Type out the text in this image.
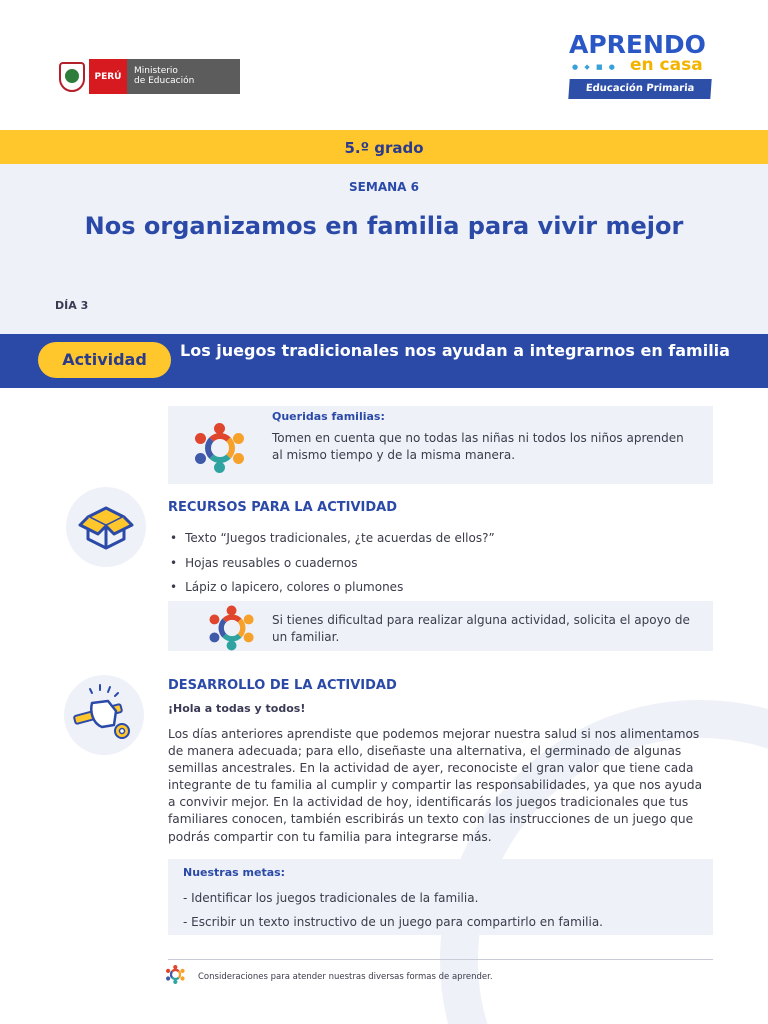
PERÚ
Ministerio
de Educación
APRENDO
● ◆ ■ ● en casa
Educación Primaria
5.º grado
SEMANA 6
Nos organizamos en familia para vivir mejor
DÍA 3
Actividad	Los juegos tradicionales nos ayudan a integrarnos en familia
Queridas familias:
Tomen en cuenta que no todas las niñas ni todos los niños aprenden al mismo tiempo y de la misma manera.
RECURSOS PARA LA ACTIVIDAD
• Texto “Juegos tradicionales, ¿te acuerdas de ellos?”
• Hojas reusables o cuadernos
• Lápiz o lapicero, colores o plumones
Si tienes dificultad para realizar alguna actividad, solicita el apoyo de un familiar.
DESARROLLO DE LA ACTIVIDAD
¡Hola a todas y todos!
Los días anteriores aprendiste que podemos mejorar nuestra salud si nos alimentamos de manera adecuada; para ello, diseñaste una alternativa, el germinado de algunas semillas ancestrales. En la actividad de ayer, reconociste el gran valor que tiene cada integrante de tu familia al cumplir y compartir las responsabilidades, ya que nos ayuda a convivir mejor. En la actividad de hoy, identificarás los juegos tradicionales que tus familiares conocen, también escribirás un texto con las instrucciones de un juego que podrás compartir con tu familia para integrarse más.
Nuestras metas:
- Identificar los juegos tradicionales de la familia.
- Escribir un texto instructivo de un juego para compartirlo en familia.
Consideraciones para atender nuestras diversas formas de aprender.
